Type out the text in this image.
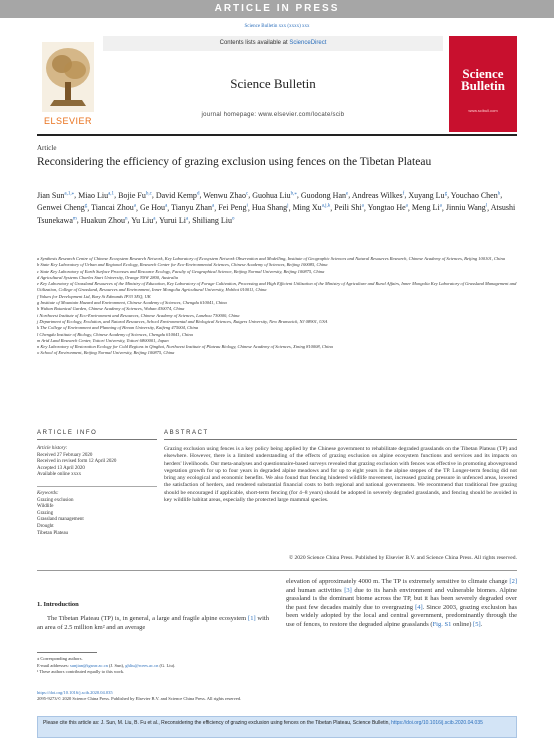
ARTICLE IN PRESS
Science Bulletin xxx (xxxx) xxx
ELSEVIER
Contents lists available at ScienceDirect
Science Bulletin
journal homepage: www.elsevier.com/locate/scib
Science
Bulletin
www.scibull.com
Article
Reconsidering the efficiency of grazing exclusion using fences on the Tibetan Plateau
Jian Sun$^{a,1,⁎}$, Miao Liu$^{a,1}$, Bojie Fu$^{b,c}$, David Kemp$^d$, Wenwu Zhao$^c$, Guohua Liu$^{b,⁎}$, Guodong Han$^e$, Andreas Wilkes$^f$, Xuyang Lu$^g$, Youchao Chen$^h$, Genwei Cheng$^g$, Tiancai Zhou$^a$, Ge Hou$^a$, Tianyu Zhan$^a$, Fei Peng$^i$, Hua Shang$^j$, Ming Xu$^{a,j,k}$, Peili Shi$^a$, Yongtao He$^a$, Meng Li$^a$, Jinniu Wang$^l$, Atsushi Tsunekawa$^m$, Huakun Zhou$^n$, Yu Liu$^a$, Yurui Li$^a$, Shiliang Liu$^o$
a Synthesis Research Centre of Chinese Ecosystem Research Network, Key Laboratory of Ecosystem Network Observation and Modelling, Institute of Geographic Sciences and Natural Resources Research, Chinese Academy of Sciences, Beijing 100101, China
b State Key Laboratory of Urban and Regional Ecology, Research Center for Eco-Environmental Sciences, Chinese Academy of Sciences, Beijing 100085, China
c State Key Laboratory of Earth Surface Processes and Resource Ecology, Faculty of Geographical Science, Beijing Normal University, Beijing 100875, China
d Agricultural Systems Charles Sturt University, Orange NSW 2800, Australia
e Key Laboratory of Grassland Resources of the Ministry of Education, Key Laboratory of Forage Cultivation, Processing and High Efficient Utilization of the Ministry of Agriculture and Rural Affairs, Inner Mongolia Key Laboratory of Grassland Management and Utilization, College of Grassland, Resources and Environment, Inner Mongolia Agricultural University, Hohhot 010011, China
f Values for Development Ltd, Bury St Edmunds IP33 3EQ, UK
g Institute of Mountain Hazard and Environment, Chinese Academy of Sciences, Chengdu 610041, China
h Wuhan Botanical Garden, Chinese Academy of Sciences, Wuhan 430074, China
i Northwest Institute of Eco-Environment and Resources, Chinese Academy of Sciences, Lanzhou 730000, China
j Department of Ecology, Evolution, and Natural Resources, School Environmental and Biological Sciences, Rutgers University, New Brunswick, NJ 08901, USA
k The College of Environment and Planning of Henan University, Kaifeng 475004, China
l Chengdu Institute of Biology, Chinese Academy of Sciences, Chengdu 610041, China
m Arid Land Research Center, Tottori University, Tottori 6800001, Japan
n Key Laboratory of Restoration Ecology for Cold Regions in Qinghai, Northwest Institute of Plateau Biology, Chinese Academy of Sciences, Xining 810008, China
o School of Environment, Beijing Normal University, Beijing 100875, China
ARTICLE INFO
Article history:
Received 27 February 2020
Received in revised form 12 April 2020
Accepted 13 April 2020
Available online xxxx
Keywords:
Grazing exclusion
Wildlife
Grazing
Grassland management
Drought
Tibetan Plateau
ABSTRACT
Grazing exclusion using fences is a key policy being applied by the Chinese government to rehabilitate degraded grasslands on the Tibetan Plateau (TP) and elsewhere. However, there is a limited understanding of the effects of grazing exclusion on alpine ecosystem functions and services and its impacts on herders' livelihoods. Our meta-analyses and questionnaire-based surveys revealed that grazing exclusion with fences was effective in promoting aboveground vegetation growth for up to four years in degraded alpine meadows and for up to eight years in the alpine steppes of the TP. Longer-term fencing did not bring any ecological and economic benefits. We also found that fencing hindered wildlife movement, increased grazing pressure in unfenced areas, lowered the satisfaction of herders, and rendered substantial financial costs to both regional and national governments. We recommend that traditional free grazing should be encouraged if applicable, short-term fencing (for 4–8 years) should be adopted in severely degraded grasslands, and fencing should be avoided in key wildlife habitat areas, especially the protected large mammal species.
© 2020 Science China Press. Published by Elsevier B.V. and Science China Press. All rights reserved.
1. Introduction
The Tibetan Plateau (TP) is, in general, a large and fragile alpine ecosystem [1] with an area of 2.5 million km² and an average
elevation of approximately 4000 m. The TP is extremely sensitive to climate change [2] and human activities [3] due to its harsh environment and vulnerable biomes. Alpine grassland is the dominant biome across the TP, but it has been severely degraded over the past few decades mainly due to overgrazing [4]. Since 2003, grazing exclusion has been widely adopted by the local and central government, predominantly through the use of fences, to restore the degraded alpine grasslands (Fig. S1 online) [5].
⁎ Corresponding authors.
E-mail addresses: sunjian@igsnrr.ac.cn (J. Sun), ghliu@rcees.ac.cn (G. Liu).
¹ These authors contributed equally to this work.
https://doi.org/10.1016/j.scib.2020.04.035
2095-9273/© 2020 Science China Press. Published by Elsevier B.V. and Science China Press. All rights reserved.
Please cite this article as: J. Sun, M. Liu, B. Fu et al., Reconsidering the efficiency of grazing exclusion using fences on the Tibetan Plateau, Science Bulletin, https://doi.org/10.1016/j.scib.2020.04.035
